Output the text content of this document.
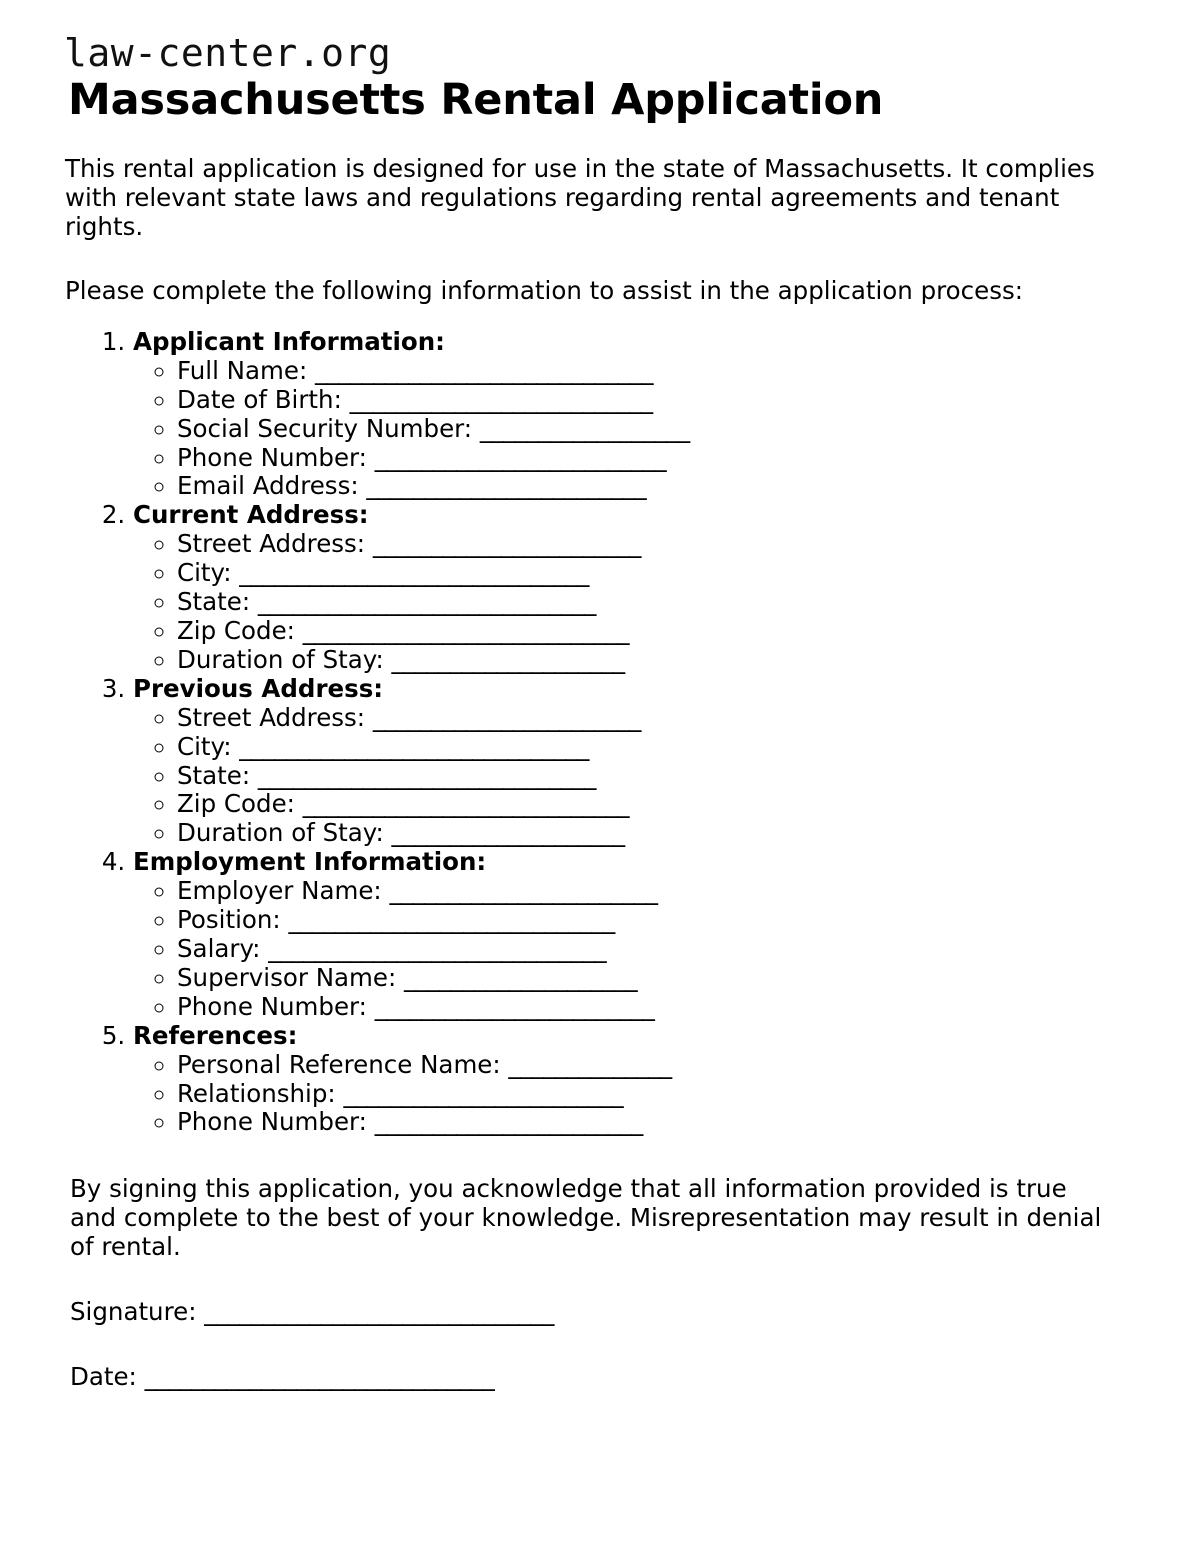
law-center.org
Massachusetts Rental Application

This rental application is designed for use in the state of Massachusetts. It complies with relevant state laws and regulations regarding rental agreements and tenant rights.

Please complete the following information to assist in the application process:

1. Applicant Information:
◦ Full Name: _____________________________
◦ Date of Birth: __________________________
◦ Social Security Number: __________________
◦ Phone Number: _________________________
◦ Email Address: ________________________
2. Current Address:
◦ Street Address: _______________________
◦ City: ______________________________
◦ State: _____________________________
◦ Zip Code: ____________________________
◦ Duration of Stay: ____________________
3. Previous Address:
◦ Street Address: _______________________
◦ City: ______________________________
◦ State: _____________________________
◦ Zip Code: ____________________________
◦ Duration of Stay: ____________________
4. Employment Information:
◦ Employer Name: _______________________
◦ Position: ____________________________
◦ Salary: _____________________________
◦ Supervisor Name: ____________________
◦ Phone Number: ________________________
5. References:
◦ Personal Reference Name: ______________
◦ Relationship: ________________________
◦ Phone Number: _______________________

By signing this application, you acknowledge that all information provided is true and complete to the best of your knowledge. Misrepresentation may result in denial of rental.

Signature: ______________________________
Date: ______________________________
